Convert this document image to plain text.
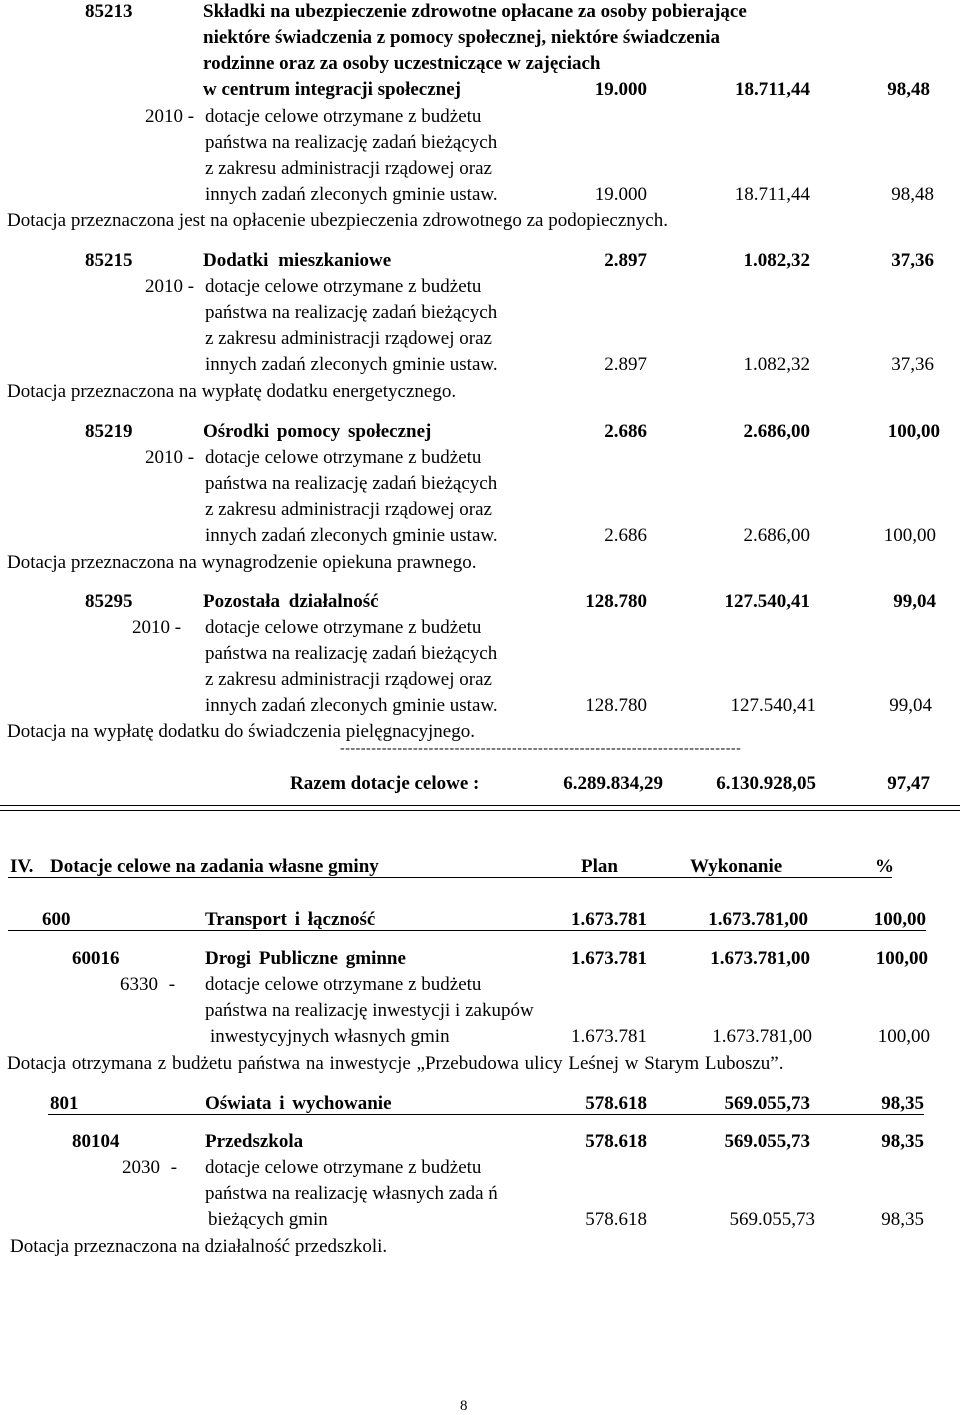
85213	Składki na ubezpieczenie zdrowotne opłacane za osoby pobierające
niektóre świadczenia z pomocy społecznej, niektóre świadczenia
rodzinne oraz za osoby uczestniczące w zajęciach
w centrum integracji społecznej	19.000	18.711,44	98,48
2010 - dotacje celowe otrzymane z budżetu
państwa na realizację zadań bieżących
z zakresu administracji rządowej oraz
innych zadań zleconych gminie ustaw.	19.000	18.711,44	98,48
Dotacja przeznaczona jest na opłacenie ubezpieczenia zdrowotnego za podopiecznych.
85215	Dodatki mieszkaniowe	2.897	1.082,32	37,36
2010 - dotacje celowe otrzymane z budżetu
państwa na realizację zadań bieżących
z zakresu administracji rządowej oraz
innych zadań zleconych gminie ustaw.	2.897	1.082,32	37,36
Dotacja przeznaczona na wypłatę dodatku energetycznego.
85219	Ośrodki pomocy społecznej	2.686	2.686,00	100,00
2010 - dotacje celowe otrzymane z budżetu
państwa na realizację zadań bieżących
z zakresu administracji rządowej oraz
innych zadań zleconych gminie ustaw.	2.686	2.686,00	100,00
Dotacja przeznaczona na wynagrodzenie opiekuna prawnego.
85295	Pozostała działalność	128.780	127.540,41	99,04
2010 - dotacje celowe otrzymane z budżetu
państwa na realizację zadań bieżących
z zakresu administracji rządowej oraz
innych zadań zleconych gminie ustaw.	128.780	127.540,41	99,04
Dotacja na wypłatę dodatku do świadczenia pielęgnacyjnego.
-----------------------------------------------------------------------------
Razem dotacje celowe :	6.289.834,29	6.130.928,05	97,47
IV. Dotacje celowe na zadania własne gminy	Plan	Wykonanie	%
600	Transport i łączność	1.673.781	1.673.781,00	100,00
60016	Drogi Publiczne gminne	1.673.781	1.673.781,00	100,00
6330 - dotacje celowe otrzymane z budżetu
państwa na realizację inwestycji i zakupów
inwestycyjnych własnych gmin	1.673.781	1.673.781,00	100,00
Dotacja otrzymana z budżetu państwa na inwestycje „Przebudowa ulicy Leśnej w Starym Luboszu”.
801	Oświata i wychowanie	578.618	569.055,73	98,35
80104	Przedszkola	578.618	569.055,73	98,35
2030 - dotacje celowe otrzymane z budżetu
państwa na realizację własnych zada ń
bieżących gmin	578.618	569.055,73	98,35
Dotacja przeznaczona na działalność przedszkoli.
8
